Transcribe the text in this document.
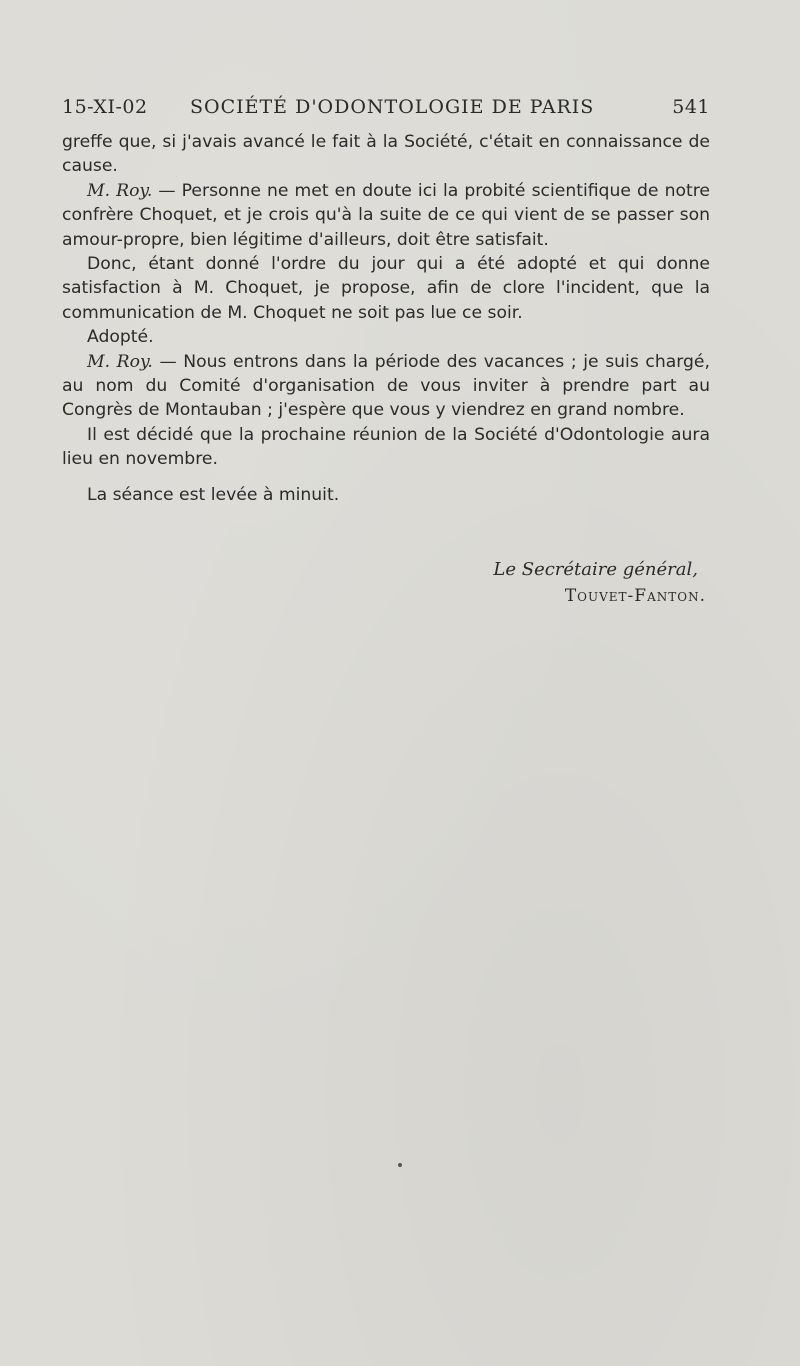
15-XI-02 SOCIÉTÉ D'ODONTOLOGIE DE PARIS	541

greffe que, si j'avais avancé le fait à la Société, c'était en connaissance de cause.

M. Roy. — Personne ne met en doute ici la probité scientifique de notre confrère Choquet, et je crois qu'à la suite de ce qui vient de se passer son amour-propre, bien légitime d'ailleurs, doit être satisfait.

Donc, étant donné l'ordre du jour qui a été adopté et qui donne satisfaction à M. Choquet, je propose, afin de clore l'incident, que la communication de M. Choquet ne soit pas lue ce soir.

Adopté.

M. Roy. — Nous entrons dans la période des vacances ; je suis chargé, au nom du Comité d'organisation de vous inviter à prendre part au Congrès de Montauban ; j'espère que vous y viendrez en grand nombre.

Il est décidé que la prochaine réunion de la Société d'Odontologie aura lieu en novembre.

La séance est levée à minuit.

Le Secrétaire général,
Touvet-Fanton.
